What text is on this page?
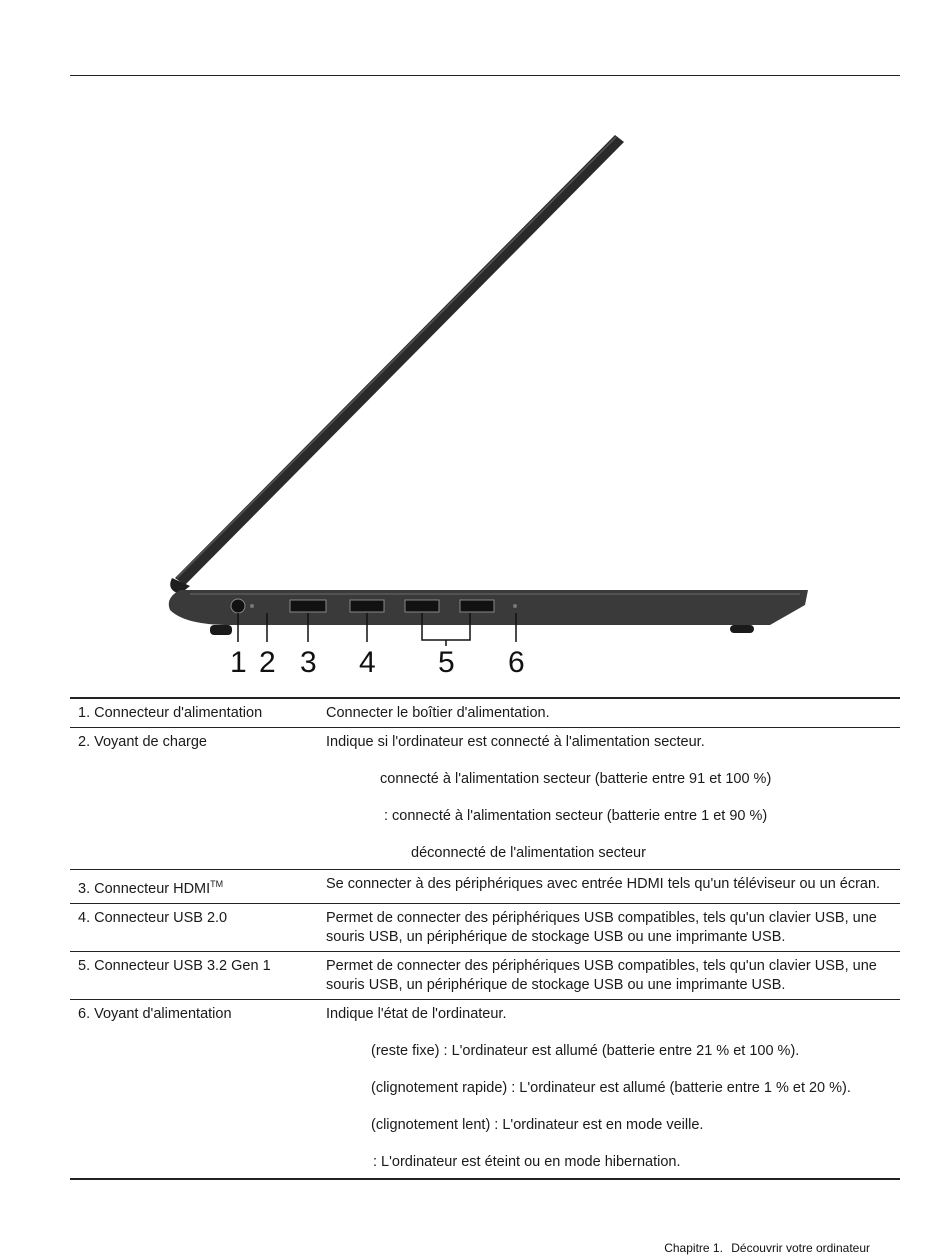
1 2 3 4 5 6
1. Connecteur d'alimentation	Connecter le boîtier d'alimentation.
2. Voyant de charge	Indique si l'ordinateur est connecté à l'alimentation secteur.
connecté à l'alimentation secteur (batterie entre 91 et 100 %)
: connecté à l'alimentation secteur (batterie entre 1 et 90 %)
déconnecté de l'alimentation secteur

3. Connecteur HDMI™	Se connecter à des périphériques avec entrée HDMI tels qu'un téléviseur ou un écran.
4. Connecteur USB 2.0	Permet de connecter des périphériques USB compatibles, tels qu'un clavier USB, une souris USB, un périphérique de stockage USB ou une imprimante USB.
5. Connecteur USB 3.2 Gen 1	Permet de connecter des périphériques USB compatibles, tels qu'un clavier USB, une souris USB, un périphérique de stockage USB ou une imprimante USB.
6. Voyant d'alimentation	Indique l'état de l'ordinateur.
(reste fixe) : L'ordinateur est allumé (batterie entre 21 % et 100 %).
(clignotement rapide) : L'ordinateur est allumé (batterie entre 1 % et 20 %).
(clignotement lent) : L'ordinateur est en mode veille.
: L'ordinateur est éteint ou en mode hibernation.
Chapitre 1. Découvrir votre ordinateur
